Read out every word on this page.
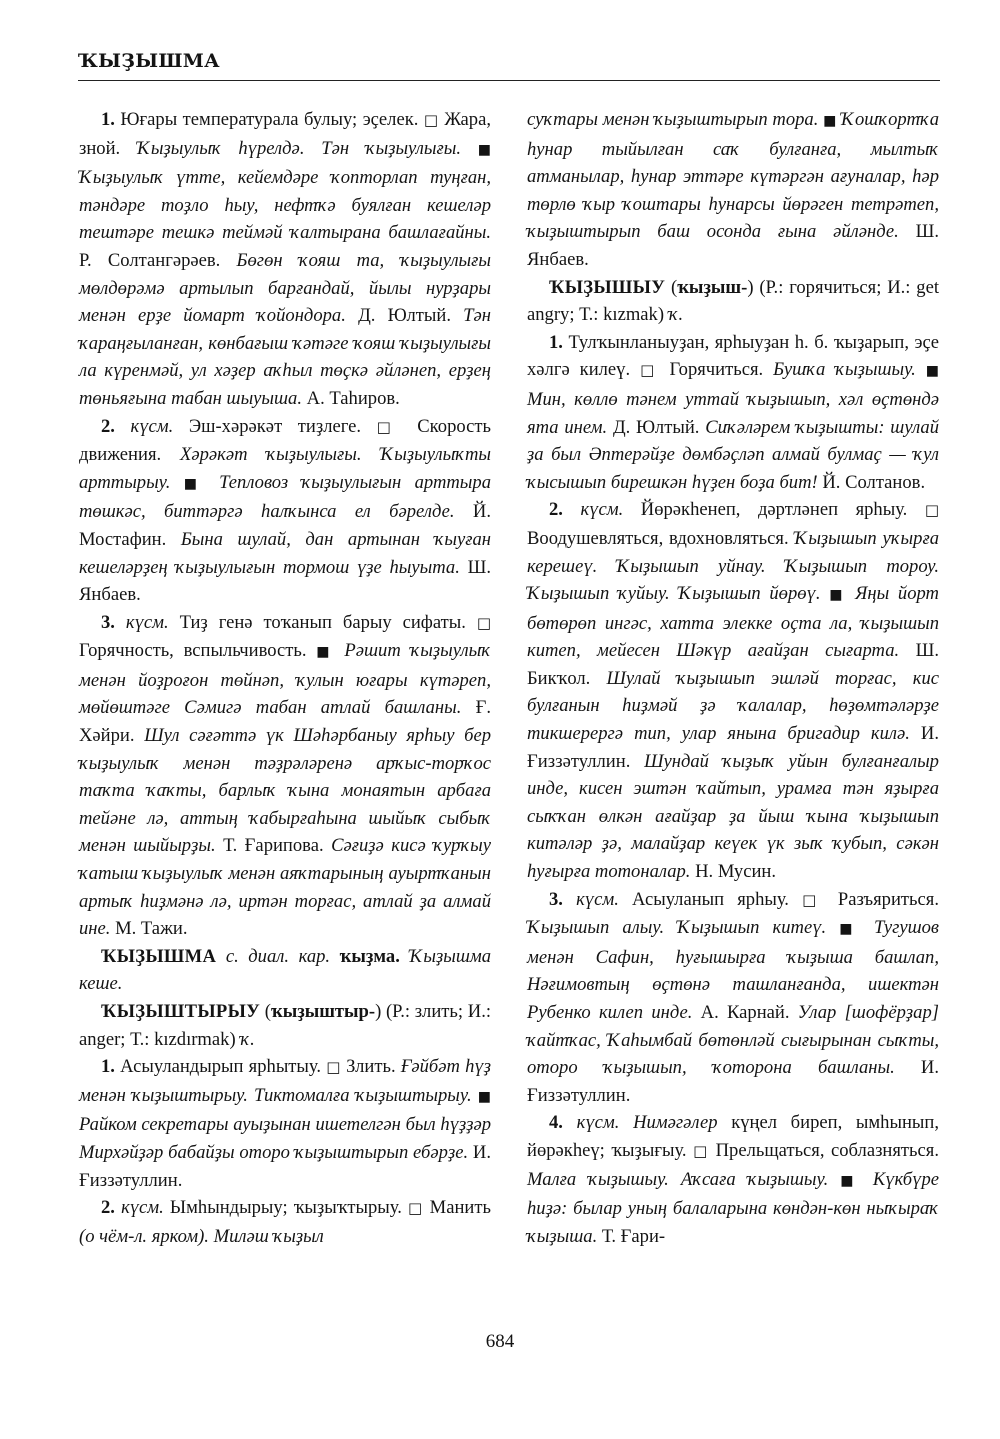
ҠЫҘЫШМА

1. Юғары температурала булыу; эҫелек. □ Жара, зной. Ҡыҙыулыҡ һүрелдә. Тән ҡыҙыулығы. ■ Ҡыҙыулыҡ үтте, кейемдәре ҡопторлап туңған, тәндәре тоҙло һыу, нефтҡә буялған кешеләр тештәре тешкә теймәй ҡалтырана башлағайны. Р. Солтангәрәев. Бөгөн ҡояш та, ҡыҙыулығы мөлдөрәмә артылып барғандай, йылы нурҙары менән ерҙе йомарт ҡойондора. Д. Юлтый. Тән ҡараңғыланған, көнбағыш ҡәтәге ҡояш ҡыҙыулығы ла күренмәй, ул хәҙер аҡһыл төҫкә әйләнеп, ерҙең төньяғына табан шыуыша. А. Таһиров.

2. күсм. Эш-хәрәкәт тиҙлеге. □ Скорость движения. Хәрәкәт ҡыҙыулығы. Ҡыҙыулыҡты арттырыу. ■ Тепловоз ҡыҙыулығын арттыра төшкәс, биттәргә һалҡынса ел бәрелде. Й. Мостафин. Бына шулай, дан артынан ҡыуған кешеләрҙең ҡыҙыулығын тормош үҙе һыуыта. Ш. Янбаев.

3. күсм. Тиҙ генә тоҡанып барыу сифаты. □ Горячность, вспыльчивость. ■ Рәшит ҡыҙыулыҡ менән йоҙроғон төйнәп, ҡулын юғары күтәреп, мөйөштәге Сәмигә табан атлай башланы. Ғ. Хәйри. Шул сәғәттә үк Шәһәрбаныу ярһыу бер ҡыҙыулыҡ менән тәҙрәләренә арҡыс-торҡос таҡта ҡаҡты, барлыҡ ҡына монаятын арбаға тейәне лә, аттың ҡабырғаһына шыйыҡ сыбыҡ менән шыйырҙы. Т. Ғарипова. Сәғиҙә кисә ҡурҡыу ҡатыш ҡыҙыулыҡ менән аяҡтарының ауыртҡанын артыҡ һиҙмәнә лә, иртән торғас, атлай ҙа алмай ине. М. Тажи.

ҠЫҘЫШМА с. диал. кар. ҡыҙма. Ҡыҙышма кеше.

ҠЫҘЫШТЫРЫУ (ҡыҙыштыр-) (Р.: злить; И.: anger; Т.: kızdırmak) ҡ.

1. Асыуландырып ярһытыу. □ Злить. Ғәйбәт һүҙ менән ҡыҙыштырыу. Тиктомалға ҡыҙыштырыу. ■ Райком секретары ауыҙынан ишетелгән был һүҙҙәр Мирхәйҙәр бабайҙы оторо ҡыҙыштырып ебәрҙе. И. Ғиззәтуллин.

2. күсм. Ымһындырыу; ҡыҙыҡтырыу. □ Манить (о чём-л. ярком). Миләш ҡыҙыл

суҡтары менән ҡыҙыштырып тора. ■ Ҡошҡортҡа һунар тыйылған саҡ булғанға, мылтыҡ атманылар, һунар эттәре күтәргән ағуналар, һәр төрлө ҡыр ҡоштары һунарсы йөрәген тетрәтеп, ҡыҙыштырып баш осонда ғына әйләнде. Ш. Янбаев.

ҠЫҘЫШЫУ (ҡыҙыш-) (Р.: горячиться; И.: get angry; Т.: kızmak) ҡ.

1. Тулҡынланыуҙан, ярһыуҙан һ. б. ҡыҙарып, эҫе хәлгә килеү. □ Горячиться. Бушҡа ҡыҙышыу. ■ Мин, көллө тәнем уттай ҡыҙышып, хәл өҫтөндә ята инем. Д. Юлтый. Сиҡәләрем ҡыҙышты: шулай ҙа был Әптерәйҙе дөмбәҫләп алмай булмаҫ — ҡул ҡысышып бирешкән һүҙен боҙа бит! Й. Солтанов.

2. күсм. Йөрәкһенеп, дәртләнеп ярһыу. □ Воодушевляться, вдохновляться. Ҡыҙышып уҡырға керешеү. Ҡыҙышып уйнау. Ҡыҙышып тороу. Ҡыҙышып ҡуйыу. Ҡыҙышып йөрөү. ■ Яңы йорт бөтөрөп ингәс, хатта элекке оҫта ла, ҡыҙышып китеп, мейесен Шәкүр ағайҙан сығарта. Ш. Бикҡол. Шулай ҡыҙышып эшләй торғас, кис булғанын һиҙмәй ҙә ҡалалар, һөҙөмтәләрҙе тикшерергә тип, улар янына бригадир килә. И. Ғиззәтуллин. Шундай ҡыҙыҡ уйын булғанғалыр инде, кисен эштән ҡайтып, урамға тән яҙырға сыҡҡан өлкән ағайҙар ҙа йыш ҡына ҡыҙышып китәләр ҙә, малайҙар кеүек үк зыҡ ҡубып, сәкән һуғырға тотоналар. Н. Мусин.

3. күсм. Асыуланып ярһыу. □ Разъяриться. Ҡыҙышып алыу. Ҡыҙышып китеү. ■ Тугушов менән Сафин, һуғышырға ҡыҙыша башлап, Нәғимовтың өҫтөнә ташланғанда, ишектән Рубенко килеп инде. А. Карнай. Улар [шофёрҙар] ҡайтҡас, Ҡаһымбай бөтөнләй сығырынан сыҡты, оторо ҡыҙышып, ҡоторона башланы. И. Ғиззәтуллин.

4. күсм. Нимәгәлер күңел биреп, ымһынып, йөрәкһеү; ҡыҙығыу. □ Прельщаться, соблазняться. Малға ҡыҙышыу. Аҡсаға ҡыҙышыу. ■ Күкбүре һиҙә: былар уның балаларына көндән-көн ныҡыраҡ ҡыҙыша. Т. Ғари-

684
